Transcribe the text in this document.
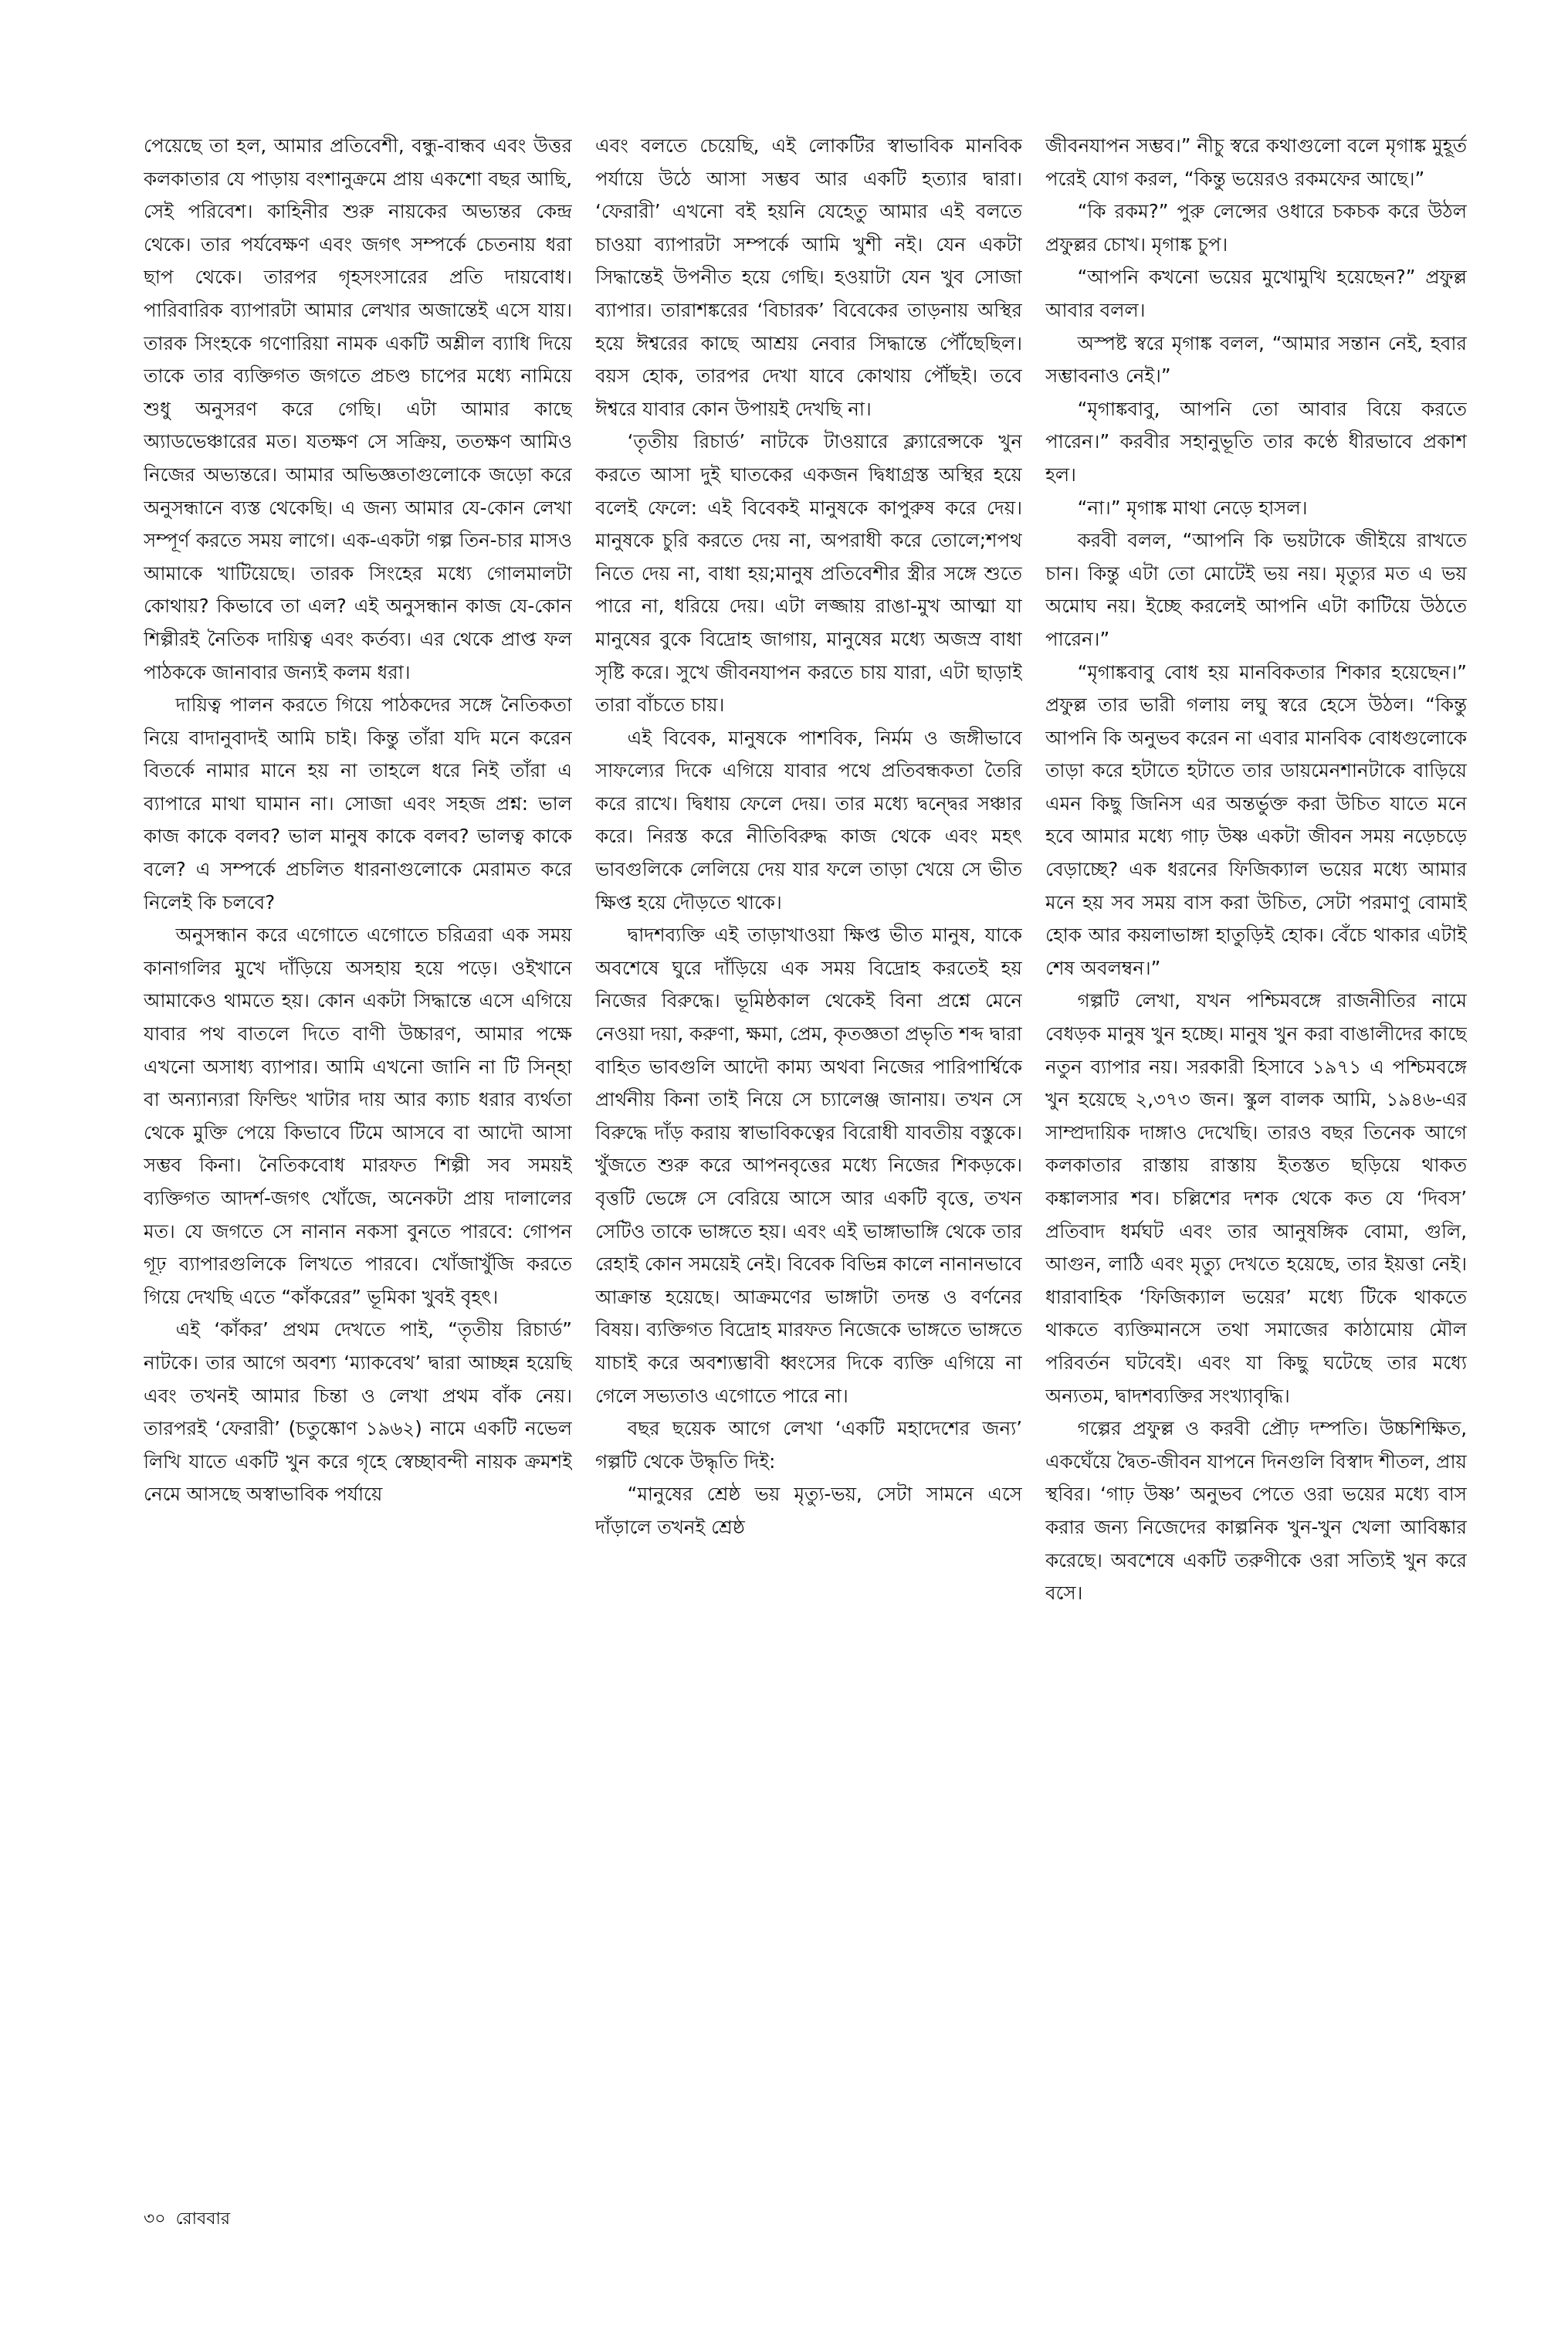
পেয়েছে তা হল, আমার প্রতিবেশী, বন্ধু-বান্ধব এবং উত্তর কলকাতার যে পাড়ায় বংশানুক্রমে প্রায় একশো বছর আছি, সেই পরিবেশ। কাহিনীর শুরু নায়কের অভ্যন্তর কেন্দ্র থেকে। তার পর্যবেক্ষণ এবং জগৎ সম্পর্কে চেতনায় ধরা ছাপ থেকে। তারপর গৃহসংসারের প্রতি দায়বোধ। পারিবারিক ব্যাপারটা আমার লেখার অজান্তেই এসে যায়। তারক সিংহকে গণোরিয়া নামক একটি অশ্লীল ব্যাধি দিয়ে তাকে তার ব্যক্তিগত জগতে প্রচণ্ড চাপের মধ্যে নামিয়ে শুধু অনুসরণ করে গেছি। এটা আমার কাছে অ্যাডভেঞ্চারের মত। যতক্ষণ সে সক্রিয়, ততক্ষণ আমিও নিজের অভ্যন্তরে। আমার অভিজ্ঞতাগুলোকে জড়ো করে অনুসন্ধানে ব্যস্ত থেকেছি। এ জন্য আমার যে-কোন লেখা সম্পূর্ণ করতে সময় লাগে। এক-একটা গল্প তিন-চার মাসও আমাকে খাটিয়েছে। তারক সিংহের মধ্যে গোলমালটা কোথায়? কিভাবে তা এল? এই অনুসন্ধান কাজ যে-কোন শিল্পীরই নৈতিক দায়িত্ব এবং কর্তব্য। এর থেকে প্রাপ্ত ফল পাঠককে জানাবার জন্যই কলম ধরা।

দায়িত্ব পালন করতে গিয়ে পাঠকদের সঙ্গে নৈতিকতা নিয়ে বাদানুবাদই আমি চাই। কিন্তু তাঁরা যদি মনে করেন বিতর্কে নামার মানে হয় না তাহলে ধরে নিই তাঁরা এ ব্যাপারে মাথা ঘামান না। সোজা এবং সহজ প্রশ্ন: ভাল কাজ কাকে বলব? ভাল মানুষ কাকে বলব? ভালত্ব কাকে বলে? এ সম্পর্কে প্রচলিত ধারনাগুলোকে মেরামত করে নিলেই কি চলবে?

অনুসন্ধান করে এগোতে এগোতে চরিত্ররা এক সময় কানাগলির মুখে দাঁড়িয়ে অসহায় হয়ে পড়ে। ওইখানে আমাকেও থামতে হয়। কোন একটা সিদ্ধান্তে এসে এগিয়ে যাবার পথ বাতলে দিতে বাণী উচ্চারণ, আমার পক্ষে এখনো অসাধ্য ব্যাপার। আমি এখনো জানি না টি সিন্হা বা অন্যান্যরা ফিল্ডিং খাটার দায় আর ক্যাচ ধরার ব্যর্থতা থেকে মুক্তি পেয়ে কিভাবে টিমে আসবে বা আদৌ আসা সম্ভব কিনা। নৈতিকবোধ মারফত শিল্পী সব সময়ই ব্যক্তিগত আদর্শ-জগৎ খোঁজে, অনেকটা প্রায় দালালের মত। যে জগতে সে নানান নকসা বুনতে পারবে: গোপন গূঢ় ব্যাপারগুলিকে লিখতে পারবে। খোঁজাখুঁজি করতে গিয়ে দেখছি এতে “কাঁকরের” ভূমিকা খুবই বৃহৎ।

এই ‘কাঁকর’ প্রথম দেখতে পাই, “তৃতীয় রিচার্ড” নাটকে। তার আগে অবশ্য ‘ম্যাকবেথ’ দ্বারা আচ্ছন্ন হয়েছি এবং তখনই আমার চিন্তা ও লেখা প্রথম বাঁক নেয়। তারপরই ‘ফেরারী’ (চতুষ্কোণ ১৯৬২) নামে একটি নভেল লিখি যাতে একটি খুন করে গৃহে স্বেচ্ছাবন্দী নায়ক ক্রমশই নেমে আসছে অস্বাভাবিক পর্যায়ে

এবং বলতে চেয়েছি, এই লোকটির স্বাভাবিক মানবিক পর্যায়ে উঠে আসা সম্ভব আর একটি হত্যার দ্বারা। ‘ফেরারী’ এখনো বই হয়নি যেহেতু আমার এই বলতে চাওয়া ব্যাপারটা সম্পর্কে আমি খুশী নই। যেন একটা সিদ্ধান্তেই উপনীত হয়ে গেছি। হওয়াটা যেন খুব সোজা ব্যাপার। তারাশঙ্করের ‘বিচারক’ বিবেকের তাড়নায় অস্থির হয়ে ঈশ্বরের কাছে আশ্রয় নেবার সিদ্ধান্তে পৌঁছেছিল। বয়স হোক, তারপর দেখা যাবে কোথায় পৌঁছই। তবে ঈশ্বরে যাবার কোন উপায়ই দেখছি না।

‘তৃতীয় রিচার্ড’ নাটকে টাওয়ারে ক্ল্যারেন্সকে খুন করতে আসা দুই ঘাতকের একজন দ্বিধাগ্রস্ত অস্থির হয়ে বলেই ফেলে: এই বিবেকই মানুষকে কাপুরুষ করে দেয়। মানুষকে চুরি করতে দেয় না, অপরাধী করে তোলে;শপথ নিতে দেয় না, বাধা হয়;মানুষ প্রতিবেশীর স্ত্রীর সঙ্গে শুতে পারে না, ধরিয়ে দেয়। এটা লজ্জায় রাঙা-মুখ আত্মা যা মানুষের বুকে বিদ্রোহ জাগায়, মানুষের মধ্যে অজস্র বাধা সৃষ্টি করে। সুখে জীবনযাপন করতে চায় যারা, এটা ছাড়াই তারা বাঁচতে চায়।

এই বিবেক, মানুষকে পাশবিক, নির্মম ও জঙ্গীভাবে সাফল্যের দিকে এগিয়ে যাবার পথে প্রতিবন্ধকতা তৈরি করে রাখে। দ্বিধায় ফেলে দেয়। তার মধ্যে দ্বন্দ্বের সঞ্চার করে। নিরস্ত করে নীতিবিরুদ্ধ কাজ থেকে এবং মহৎ ভাবগুলিকে লেলিয়ে দেয় যার ফলে তাড়া খেয়ে সে ভীত ক্ষিপ্ত হয়ে দৌড়তে থাকে।

দ্বাদশব্যক্তি এই তাড়াখাওয়া ক্ষিপ্ত ভীত মানুষ, যাকে অবশেষে ঘুরে দাঁড়িয়ে এক সময় বিদ্রোহ করতেই হয় নিজের বিরুদ্ধে। ভূমিষ্ঠকাল থেকেই বিনা প্রশ্নে মেনে নেওয়া দয়া, করুণা, ক্ষমা, প্রেম, কৃতজ্ঞতা প্রভৃতি শব্দ দ্বারা বাহিত ভাবগুলি আদৌ কাম্য অথবা নিজের পারিপার্শ্বিকে প্রার্থনীয় কিনা তাই নিয়ে সে চ্যালেঞ্জ জানায়। তখন সে বিরুদ্ধে দাঁড় করায় স্বাভাবিকত্বের বিরোধী যাবতীয় বস্তুকে। খুঁজতে শুরু করে আপনবৃত্তের মধ্যে নিজের শিকড়কে। বৃত্তটি ভেঙ্গে সে বেরিয়ে আসে আর একটি বৃত্তে, তখন সেটিও তাকে ভাঙ্গতে হয়। এবং এই ভাঙ্গাভাঙ্গি থেকে তার রেহাই কোন সময়েই নেই। বিবেক বিভিন্ন কালে নানানভাবে আক্রান্ত হয়েছে। আক্রমণের ভাঙ্গাটা তদন্ত ও বর্ণনের বিষয়। ব্যক্তিগত বিদ্রোহ মারফত নিজেকে ভাঙ্গতে ভাঙ্গতে যাচাই করে অবশ্যম্ভাবী ধ্বংসের দিকে ব্যক্তি এগিয়ে না গেলে সভ্যতাও এগোতে পারে না।

বছর ছয়েক আগে লেখা ‘একটি মহাদেশের জন্য’ গল্পটি থেকে উদ্ধৃতি দিই:

“মানুষের শ্রেষ্ঠ ভয় মৃত্যু-ভয়, সেটা সামনে এসে দাঁড়ালে তখনই শ্রেষ্ঠ

জীবনযাপন সম্ভব।” নীচু স্বরে কথাগুলো বলে মৃগাঙ্ক মুহূর্ত পরেই যোগ করল, “কিন্তু ভয়েরও রকমফের আছে।”

“কি রকম?” পুরু লেন্সের ওধারে চকচক করে উঠল প্রফুল্লর চোখ। মৃগাঙ্ক চুপ।

“আপনি কখনো ভয়ের মুখোমুখি হয়েছেন?” প্রফুল্ল আবার বলল।

অস্পষ্ট স্বরে মৃগাঙ্ক বলল, “আমার সন্তান নেই, হবার সম্ভাবনাও নেই।”

“মৃগাঙ্কবাবু, আপনি তো আবার বিয়ে করতে পারেন।” করবীর সহানুভূতি তার কণ্ঠে ধীরভাবে প্রকাশ হল।

“না।” মৃগাঙ্ক মাথা নেড়ে হাসল।

করবী বলল, “আপনি কি ভয়টাকে জীইয়ে রাখতে চান। কিন্তু এটা তো মোটেই ভয় নয়। মৃত্যুর মত এ ভয় অমোঘ নয়। ইচ্ছে করলেই আপনি এটা কাটিয়ে উঠতে পারেন।”

“মৃগাঙ্কবাবু বোধ হয় মানবিকতার শিকার হয়েছেন।” প্রফুল্ল তার ভারী গলায় লঘু স্বরে হেসে উঠল। “কিন্তু আপনি কি অনুভব করেন না এবার মানবিক বোধগুলোকে তাড়া করে হটাতে হটাতে তার ডায়মেনশানটাকে বাড়িয়ে এমন কিছু জিনিস এর অন্তর্ভুক্ত করা উচিত যাতে মনে হবে আমার মধ্যে গাঢ় উষ্ণ একটা জীবন সময় নড়েচড়ে বেড়াচ্ছে? এক ধরনের ফিজিক্যাল ভয়ের মধ্যে আমার মনে হয় সব সময় বাস করা উচিত, সেটা পরমাণু বোমাই হোক আর কয়লাভাঙ্গা হাতুড়িই হোক। বেঁচে থাকার এটাই শেষ অবলম্বন।”

গল্পটি লেখা, যখন পশ্চিমবঙ্গে রাজনীতির নামে বেধড়ক মানুষ খুন হচ্ছে। মানুষ খুন করা বাঙালীদের কাছে নতুন ব্যাপার নয়। সরকারী হিসাবে ১৯৭১ এ পশ্চিমবঙ্গে খুন হয়েছে ২,৩৭৩ জন। স্কুল বালক আমি, ১৯৪৬-এর সাম্প্রদায়িক দাঙ্গাও দেখেছি। তারও বছর তিনেক আগে কলকাতার রাস্তায় রাস্তায় ইতস্তত ছড়িয়ে থাকত কঙ্কালসার শব। চল্লিশের দশক থেকে কত যে ‘দিবস’ প্রতিবাদ ধর্মঘট এবং তার আনুষঙ্গিক বোমা, গুলি, আগুন, লাঠি এবং মৃত্যু দেখতে হয়েছে, তার ইয়ত্তা নেই। ধারাবাহিক ‘ফিজিক্যাল ভয়ের’ মধ্যে টিকে থাকতে থাকতে ব্যক্তিমানসে তথা সমাজের কাঠামোয় মৌল পরিবর্তন ঘটবেই। এবং যা কিছু ঘটেছে তার মধ্যে অন্যতম, দ্বাদশব্যক্তির সংখ্যাবৃদ্ধি।

গল্পের প্রফুল্ল ও করবী প্রৌঢ় দম্পতি। উচ্চশিক্ষিত, একঘেঁয়ে দ্বৈত-জীবন যাপনে দিনগুলি বিস্বাদ শীতল, প্রায় স্থবির। ‘গাঢ় উষ্ণ’ অনুভব পেতে ওরা ভয়ের মধ্যে বাস করার জন্য নিজেদের কাল্পনিক খুন-খুন খেলা আবিষ্কার করেছে। অবশেষে একটি তরুণীকে ওরা সত্যিই খুন করে বসে।

৩০ রোববার
